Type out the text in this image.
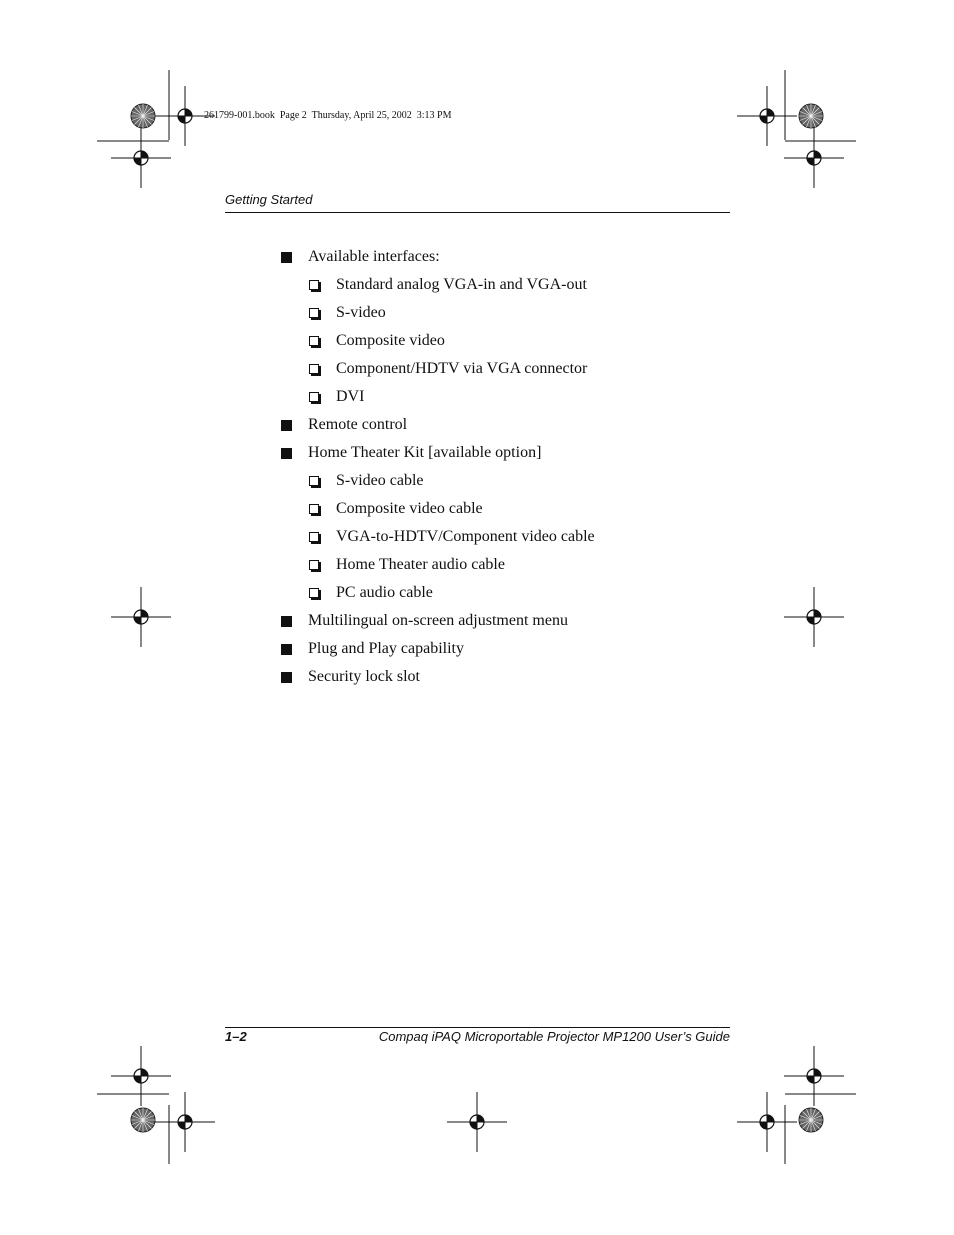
261799-001.book  Page 2  Thursday, April 25, 2002  3:13 PM
Getting Started
Available interfaces:
Standard analog VGA-in and VGA-out
S-video
Composite video
Component/HDTV via VGA connector
DVI
Remote control
Home Theater Kit [available option]
S-video cable
Composite video cable
VGA-to-HDTV/Component video cable
Home Theater audio cable
PC audio cable
Multilingual on-screen adjustment menu
Plug and Play capability
Security lock slot
1–2	Compaq iPAQ Microportable Projector MP1200 User’s Guide
